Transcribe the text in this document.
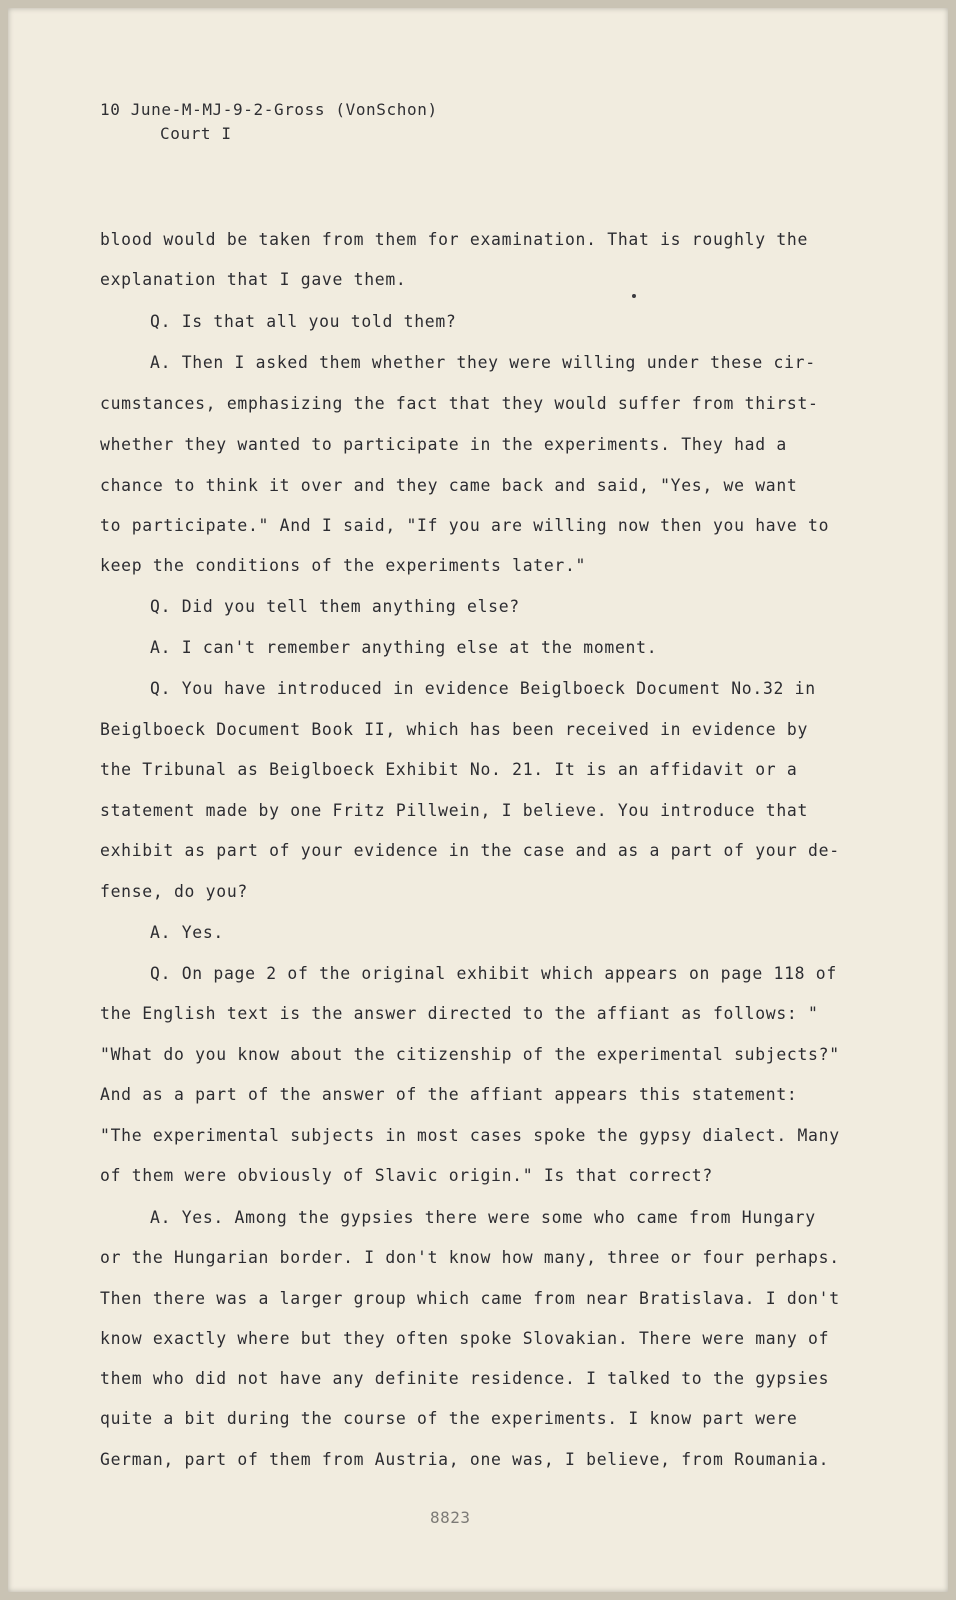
10 June-M-MJ-9-2-Gross (VonSchon)
Court I
blood would be taken from them for examination. That is roughly the
explanation that I gave them.
Q. Is that all you told them?
A. Then I asked them whether they were willing under these cir-
cumstances, emphasizing the fact that they would suffer from thirst-
whether they wanted to participate in the experiments. They had a
chance to think it over and they came back and said, "Yes, we want
to participate." And I said, "If you are willing now then you have to
keep the conditions of the experiments later."
Q. Did you tell them anything else?
A. I can't remember anything else at the moment.
Q. You have introduced in evidence Beiglboeck Document No.32 in
Beiglboeck Document Book II, which has been received in evidence by
the Tribunal as Beiglboeck Exhibit No. 21. It is an affidavit or a
statement made by one Fritz Pillwein, I believe. You introduce that
exhibit as part of your evidence in the case and as a part of your de-
fense, do you?
A. Yes.
Q. On page 2 of the original exhibit which appears on page 118 of
the English text is the answer directed to the affiant as follows: "
"What do you know about the citizenship of the experimental subjects?"
And as a part of the answer of the affiant appears this statement:
"The experimental subjects in most cases spoke the gypsy dialect. Many
of them were obviously of Slavic origin." Is that correct?
A. Yes. Among the gypsies there were some who came from Hungary
or the Hungarian border. I don't know how many, three or four perhaps.
Then there was a larger group which came from near Bratislava. I don't
know exactly where but they often spoke Slovakian. There were many of
them who did not have any definite residence. I talked to the gypsies
quite a bit during the course of the experiments. I know part were
German, part of them from Austria, one was, I believe, from Roumania.
8823
